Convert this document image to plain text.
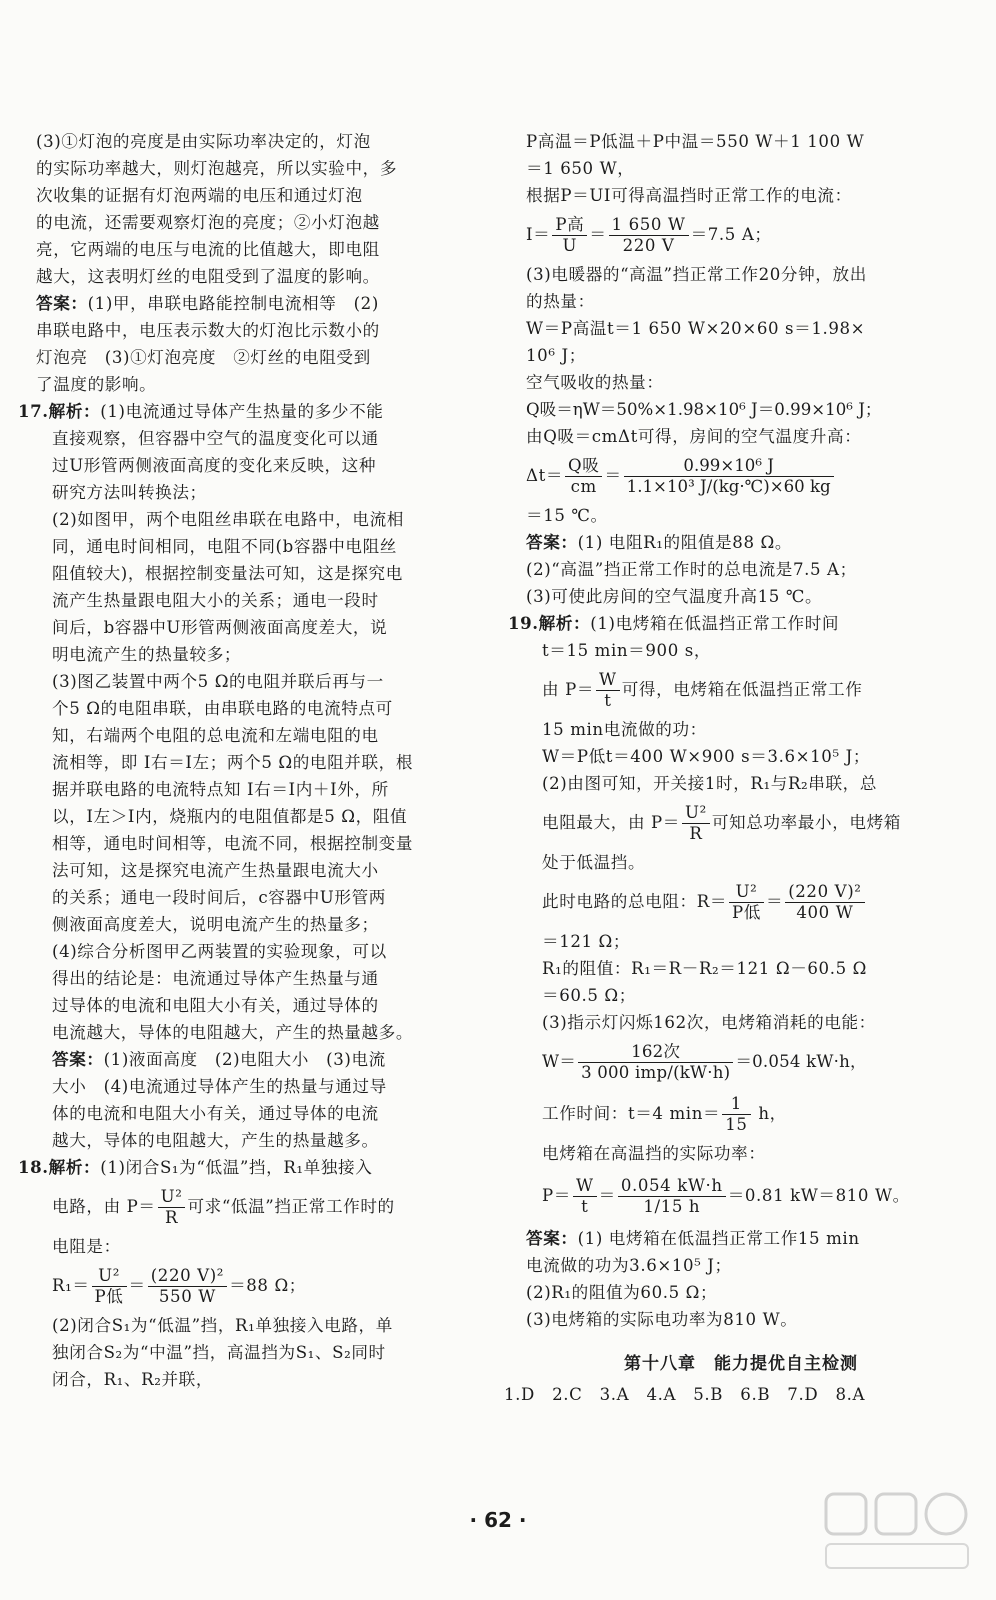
(3)①灯泡的亮度是由实际功率决定的，灯泡
的实际功率越大，则灯泡越亮，所以实验中，多
次收集的证据有灯泡两端的电压和通过灯泡
的电流，还需要观察灯泡的亮度；②小灯泡越
亮，它两端的电压与电流的比值越大，即电阻
越大，这表明灯丝的电阻受到了温度的影响。
答案：(1)甲，串联电路能控制电流相等　(2)
串联电路中，电压表示数大的灯泡比示数小的
灯泡亮　(3)①灯泡亮度　②灯丝的电阻受到
了温度的影响。
17.解析：(1)电流通过导体产生热量的多少不能
直接观察，但容器中空气的温度变化可以通
过U形管两侧液面高度的变化来反映，这种
研究方法叫转换法；
(2)如图甲，两个电阻丝串联在电路中，电流相
同，通电时间相同，电阻不同(b容器中电阻丝
阻值较大)，根据控制变量法可知，这是探究电
流产生热量跟电阻大小的关系；通电一段时
间后，b容器中U形管两侧液面高度差大，说
明电流产生的热量较多；
(3)图乙装置中两个5 Ω的电阻并联后再与一
个5 Ω的电阻串联，由串联电路的电流特点可
知，右端两个电阻的总电流和左端电阻的电
流相等，即 I右＝I左；两个5 Ω的电阻并联，根
据并联电路的电流特点知 I右＝I内＋I外，所
以，I左＞I内，烧瓶内的电阻值都是5 Ω，阻值
相等，通电时间相等，电流不同，根据控制变量
法可知，这是探究电流产生热量跟电流大小
的关系；通电一段时间后，c容器中U形管两
侧液面高度差大，说明电流产生的热量多；
(4)综合分析图甲乙两装置的实验现象，可以
得出的结论是：电流通过导体产生热量与通
过导体的电流和电阻大小有关，通过导体的
电流越大，导体的电阻越大，产生的热量越多。
答案：(1)液面高度　(2)电阻大小　(3)电流
大小　(4)电流通过导体产生的热量与通过导
体的电流和电阻大小有关，通过导体的电流
越大，导体的电阻越大，产生的热量越多。
18.解析：(1)闭合S₁为“低温”挡，R₁单独接入
电路，由 $P= \frac{\text{U²}}{R}$ 可求“低温”挡正常工作时的
电阻是：
$R_1= \frac{\text{U²}}{\text{P低}} = \frac{\text{(220 V)²}}{550 W} =88$ Ω；
(2)闭合S₁为“低温”挡，R₁单独接入电路，单
独闭合S₂为“中温”挡，高温挡为S₁、S₂同时
闭合，R₁、R₂并联，
P高温＝P低温＋P中温＝550 W＋1 100 W
＝1 650 W，
根据P＝UI可得高温挡时正常工作的电流：
$I= \frac{\text{P高}}{U} = \frac{1 650 W}{220 V} =7.5$ A；
(3)电暖器的“高温”挡正常工作20分钟，放出
的热量：
W＝P高温t＝1 650 W×20×60 s＝1.98×
10⁶ J；
空气吸收的热量：
Q吸＝ηW＝50%×1.98×10⁶ J＝0.99×10⁶ J；
由Q吸＝cmΔt可得，房间的空气温度升高：
$\Delta t= \frac{\text{Q吸}}{cm} = \frac{\text{0.99×10⁶ J}}{\text{1.1×10³ J/(kg·℃)×60 kg}}$
＝15 ℃。
答案：(1) 电阻R₁的阻值是88 Ω。
(2)“高温”挡正常工作时的总电流是7.5 A；
(3)可使此房间的空气温度升高15 ℃。
19.解析：(1)电烤箱在低温挡正常工作时间
t＝15 min＝900 s，
由 $P= \frac{W}{t}$ 可得，电烤箱在低温挡正常工作
15 min电流做的功：
W＝P低t＝400 W×900 s＝3.6×10⁵ J；
(2)由图可知，开关接1时，R₁与R₂串联，总
电阻最大，由 $P= \frac{\text{U²}}{R}$ 可知总功率最小，电烤箱
处于低温挡。
此时电路的总电阻：$R= \frac{\text{U²}}{\text{P低}} = \frac{\text{(220 V)²}}{400 W}$
＝121 Ω；
R₁的阻值：R₁＝R－R₂＝121 Ω－60.5 Ω
＝60.5 Ω；
(3)指示灯闪烁162次，电烤箱消耗的电能：
$W= \frac{\text{162次}}{\text{3 000 imp/(kW·h)}} =0.054$ kW·h，
工作时间：t＝4 $\min= \frac{1}{15}$ h，
电烤箱在高温挡的实际功率：
$P= \frac{W}{t} = \frac{0.054 kW\cdot h}{1/15 h} =0.81$ kW＝810 W。
答案：(1) 电烤箱在低温挡正常工作15 min
电流做的功为3.6×10⁵ J；
(2)R₁的阻值为60.5 Ω；
(3)电烤箱的实际电功率为810 W。
第十八章　能力提优自主检测
1.D　2.C　3.A　4.A　5.B　6.B　7.D　8.A
· 62 ·
